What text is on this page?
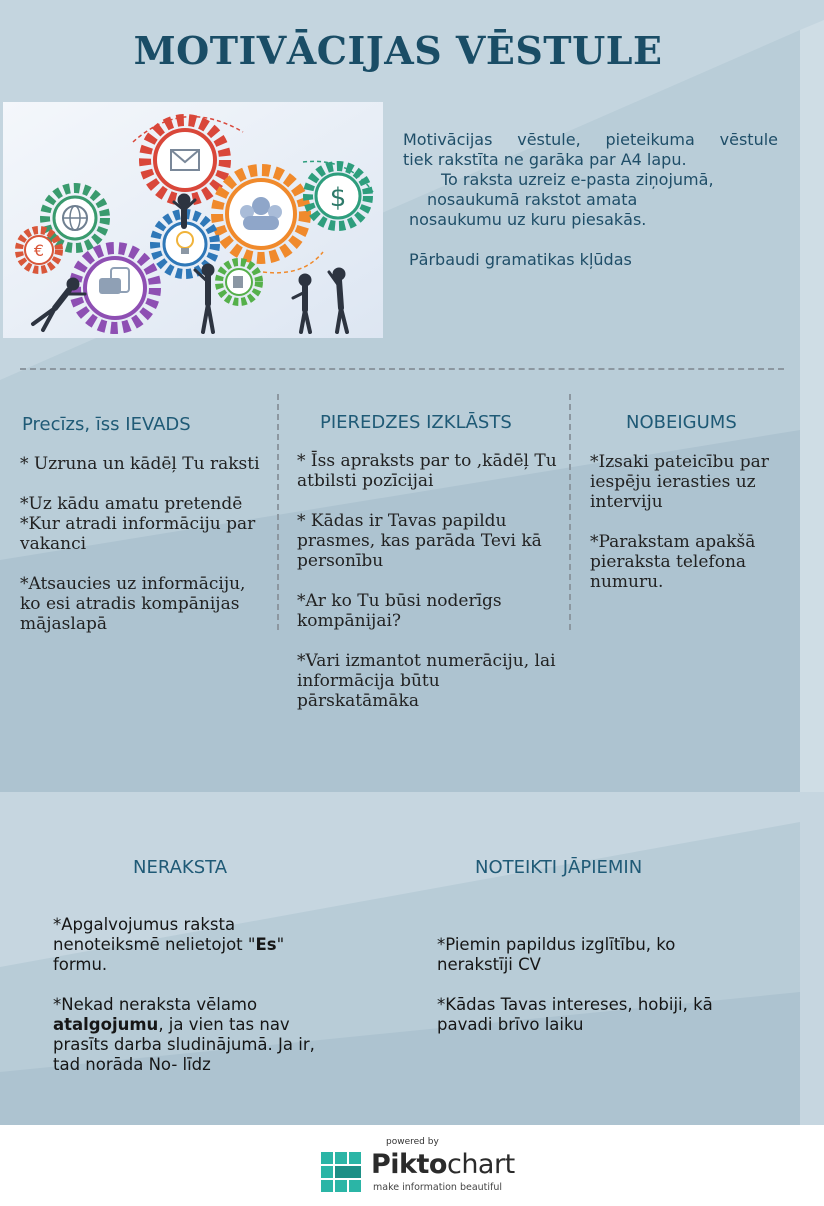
MOTIVĀCIJAS VĒSTULE
$
€

Motivācijas vēstule, pieteikuma vēstule

tiek rakstīta ne garāka par A4 lapu.

To raksta uzreiz e-pasta ziņojumā,

nosaukumā rakstot amata

nosaukumu uz kuru piesakās.

Pārbaudi gramatikas kļūdas

Precīzs, īss IEVADS

* Uzruna un kādēļ Tu raksti

*Uz kādu amatu pretendē *Kur atradi informāciju par vakanci

*Atsaucies uz informāciju, ko esi atradis kompānijas mājaslapā

PIEREDZES IZKLĀSTS

* Īss apraksts par to ,kādēļ Tu atbilsti pozīcijai

* Kādas ir Tavas papildu prasmes, kas parāda Tevi kā personību

*Ar ko Tu būsi noderīgs kompānijai?

*Vari izmantot numerāciju, lai informācija būtu pārskatāmāka

NOBEIGUMS

*Izsaki pateicību par iespēju ierasties uz interviju

*Parakstam apakšā pieraksta telefona numuru.

NERAKSTA

*Apgalvojumus raksta nenoteiksmē nelietojot "Es" formu.

*Nekad neraksta vēlamo atalgojumu, ja vien tas nav prasīts darba sludinājumā. Ja ir, tad norāda No- līdz

NOTEIKTI JĀPIEMIN

*Piemin papildus izglītību, ko nerakstīji CV

*Kādas Tavas intereses, hobiji, kā pavadi brīvo laiku

powered by
Piktochart
make information beautiful
